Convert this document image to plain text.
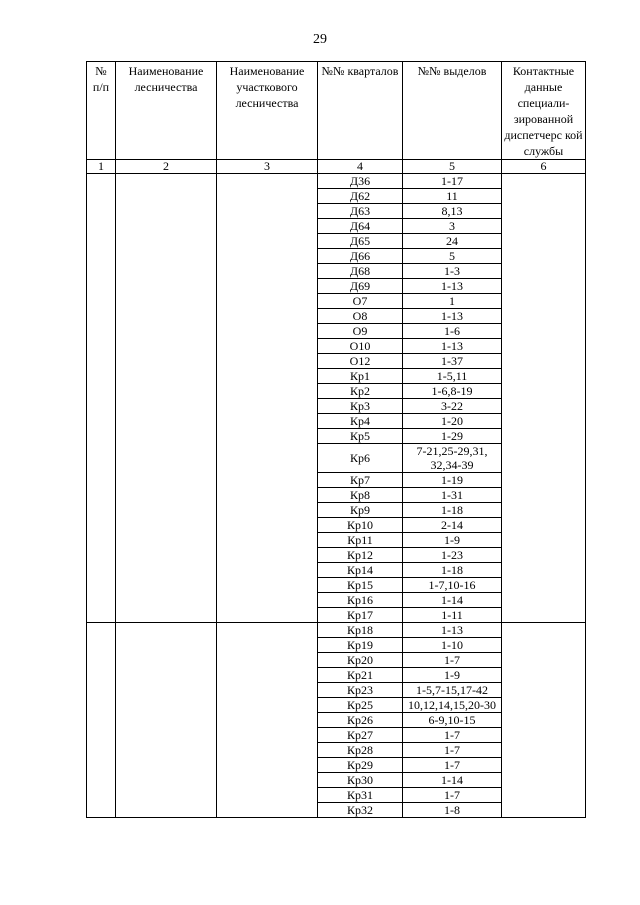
29
№ п/п	Наименование лесничества	Наименование участкового лесничества	№№ кварталов	№№ выделов	Контактные данные специали-зированной диспетчерс кой службы
1	2	3	4	5	6
			Д36	1-17	
			Д62	11	
			Д63	8,13	
			Д64	3	
			Д65	24	
			Д66	5	
			Д68	1-3	
			Д69	1-13	
			О7	1	
			О8	1-13	
			О9	1-6	
			О10	1-13	
			О12	1-37	
			Кр1	1-5,11	
			Кр2	1-6,8-19	
			Кр3	3-22	
			Кр4	1-20	
			Кр5	1-29	
			Кр6	7-21,25-29,31, 32,34-39	
			Кр7	1-19	
			Кр8	1-31	
			Кр9	1-18	
			Кр10	2-14	
			Кр11	1-9	
			Кр12	1-23	
			Кр14	1-18	
			Кр15	1-7,10-16	
			Кр16	1-14	
			Кр17	1-11	
			Кр18	1-13	
			Кр19	1-10	
			Кр20	1-7	
			Кр21	1-9	
			Кр23	1-5,7-15,17-42	
			Кр25	10,12,14,15,20-30	
			Кр26	6-9,10-15	
			Кр27	1-7	
			Кр28	1-7	
			Кр29	1-7	
			Кр30	1-14	
			Кр31	1-7	
			Кр32	1-8	
